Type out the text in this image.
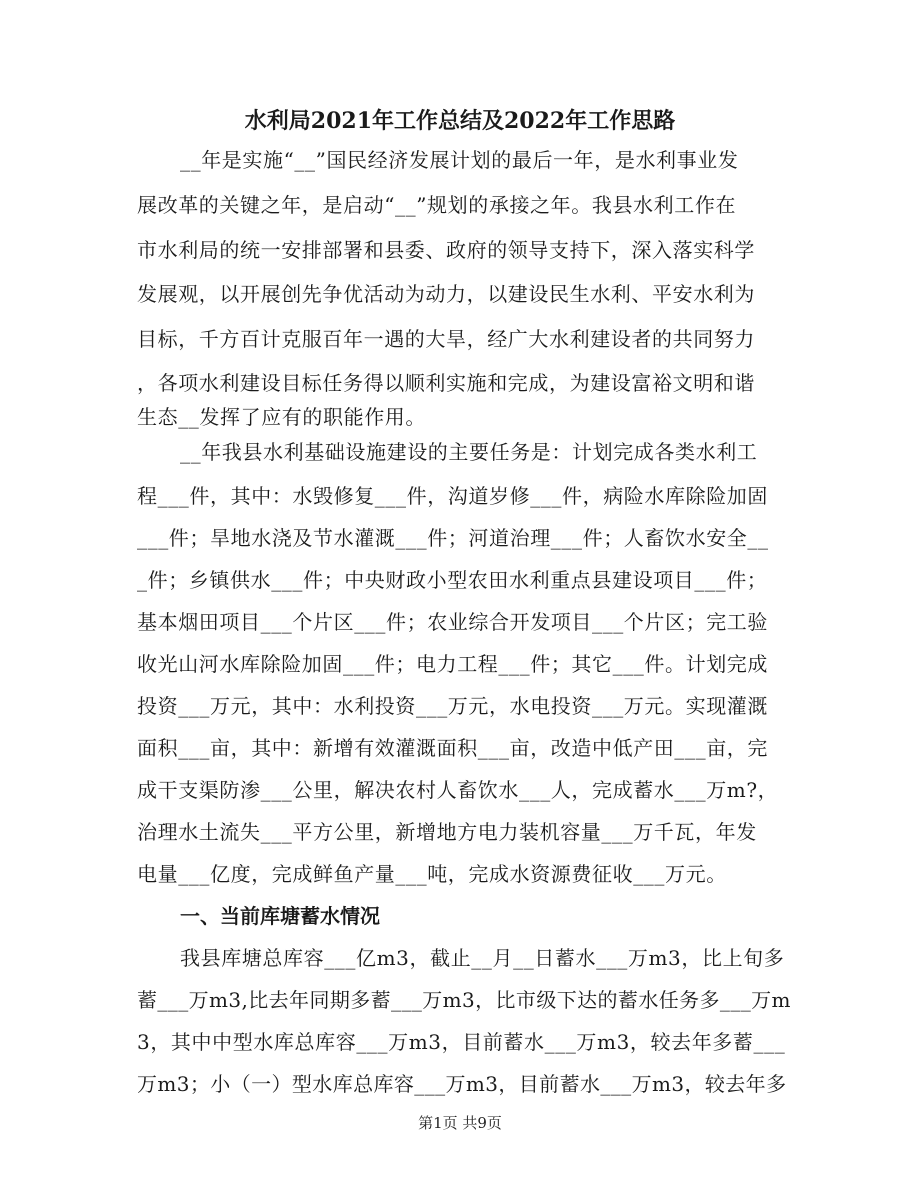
水利局2021年工作总结及2022年工作思路
__年是实施“__”国民经济发展计划的最后一年，是水利事业发
展改革的关键之年，是启动“__”规划的承接之年。我县水利工作在
市水利局的统一安排部署和县委、政府的领导支持下，深入落实科学
发展观，以开展创先争优活动为动力，以建设民生水利、平安水利为
目标，千方百计克服百年一遇的大旱，经广大水利建设者的共同努力
，各项水利建设目标任务得以顺利实施和完成，为建设富裕文明和谐
生态__发挥了应有的职能作用。
__年我县水利基础设施建设的主要任务是：计划完成各类水利工
程___件，其中：水毁修复___件，沟道岁修___件，病险水库除险加固
___件；旱地水浇及节水灌溉___件；河道治理___件；人畜饮水安全__
_件；乡镇供水___件；中央财政小型农田水利重点县建设项目___件；
基本烟田项目___个片区___件；农业综合开发项目___个片区；完工验
收光山河水库除险加固___件；电力工程___件；其它___件。计划完成
投资___万元，其中：水利投资___万元，水电投资___万元。实现灌溉
面积___亩，其中：新增有效灌溉面积___亩，改造中低产田___亩，完
成干支渠防渗___公里，解决农村人畜饮水___人，完成蓄水___万m?，
治理水土流失___平方公里，新增地方电力装机容量___万千瓦，年发
电量___亿度，完成鲜鱼产量___吨，完成水资源费征收___万元。
一、当前库塘蓄水情况
我县库塘总库容___亿m3，截止__月__日蓄水___万m3，比上旬多
蓄___万m3,比去年同期多蓄___万m3，比市级下达的蓄水任务多___万m
3，其中中型水库总库容___万m3，目前蓄水___万m3，较去年多蓄___
万m3；小（一）型水库总库容___万m3，目前蓄水___万m3，较去年多
第1页 共9页
